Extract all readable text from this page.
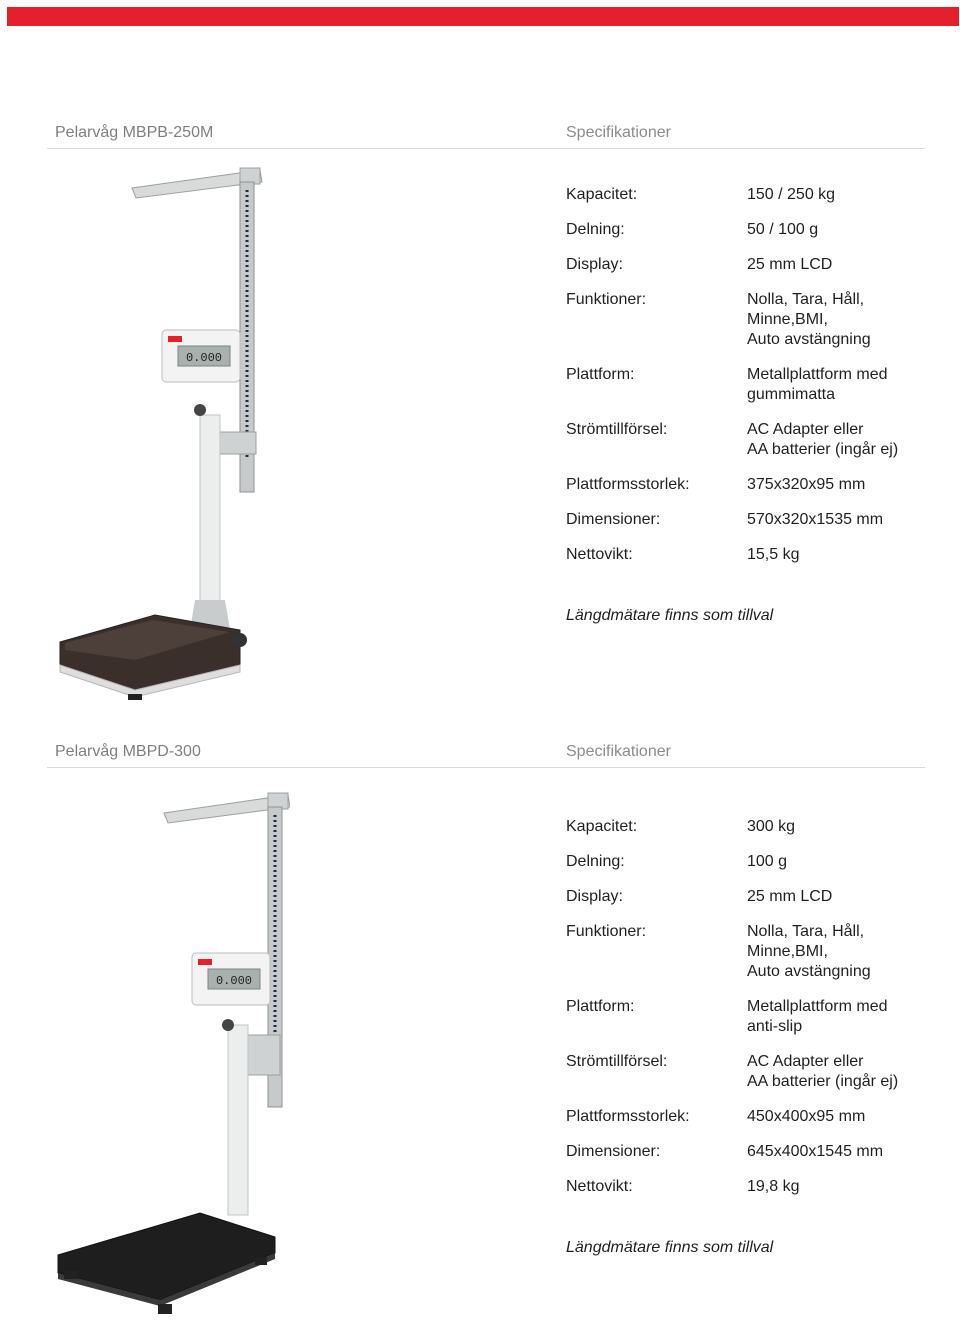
Pelarvåg MBPB-250M	Specifikationer
0.000
Kapacitet:	150 / 250 kg
Delning:	50 / 100 g
Display:	25 mm LCD
Funktioner:	Nolla, Tara, Håll,
Minne,BMI,
Auto avstängning
Plattform:	Metallplattform med
gummimatta
Strömtillförsel:	AC Adapter eller
AA batterier (ingår ej)
Plattformsstorlek:	375x320x95 mm
Dimensioner:	570x320x1535 mm
Nettovikt:	15,5 kg
Längdmätare finns som tillval
Pelarvåg MBPD-300	Specifikationer
0.000
Kapacitet:	300 kg
Delning:	100 g
Display:	25 mm LCD
Funktioner:	Nolla, Tara, Håll,
Minne,BMI,
Auto avstängning
Plattform:	Metallplattform med
anti-slip
Strömtillförsel:	AC Adapter eller
AA batterier (ingår ej)
Plattformsstorlek:	450x400x95 mm
Dimensioner:	645x400x1545 mm
Nettovikt:	19,8 kg
Längdmätare finns som tillval
